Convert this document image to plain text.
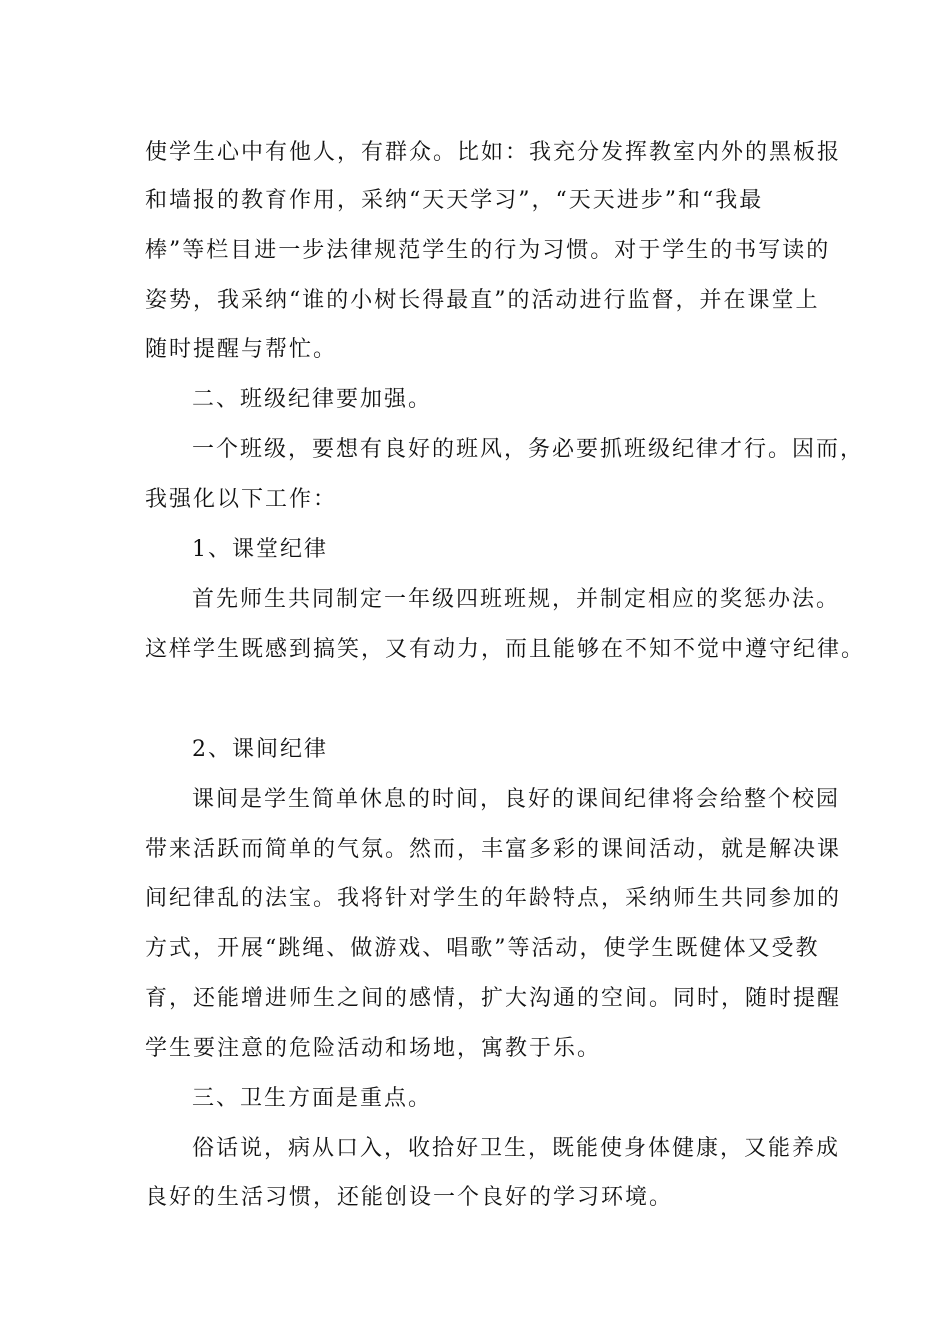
使学生心中有他人，有群众。比如：我充分发挥教室内外的黑板报
和墙报的教育作用，采纳“天天学习”，“天天进步”和“我最
棒”等栏目进一步法律规范学生的行为习惯。对于学生的书写读的
姿势，我采纳“谁的小树长得最直”的活动进行监督，并在课堂上
随时提醒与帮忙。
二、班级纪律要加强。
一个班级，要想有良好的班风，务必要抓班级纪律才行。因而，
我强化以下工作：
1、课堂纪律
首先师生共同制定一年级四班班规，并制定相应的奖惩办法。
这样学生既感到搞笑，又有动力，而且能够在不知不觉中遵守纪律。
2、课间纪律
课间是学生简单休息的时间，良好的课间纪律将会给整个校园
带来活跃而简单的气氛。然而，丰富多彩的课间活动，就是解决课
间纪律乱的法宝。我将针对学生的年龄特点，采纳师生共同参加的
方式，开展“跳绳、做游戏、唱歌”等活动，使学生既健体又受教
育，还能增进师生之间的感情，扩大沟通的空间。同时，随时提醒
学生要注意的危险活动和场地，寓教于乐。
三、卫生方面是重点。
俗话说，病从口入，收拾好卫生，既能使身体健康，又能养成
良好的生活习惯，还能创设一个良好的学习环境。
